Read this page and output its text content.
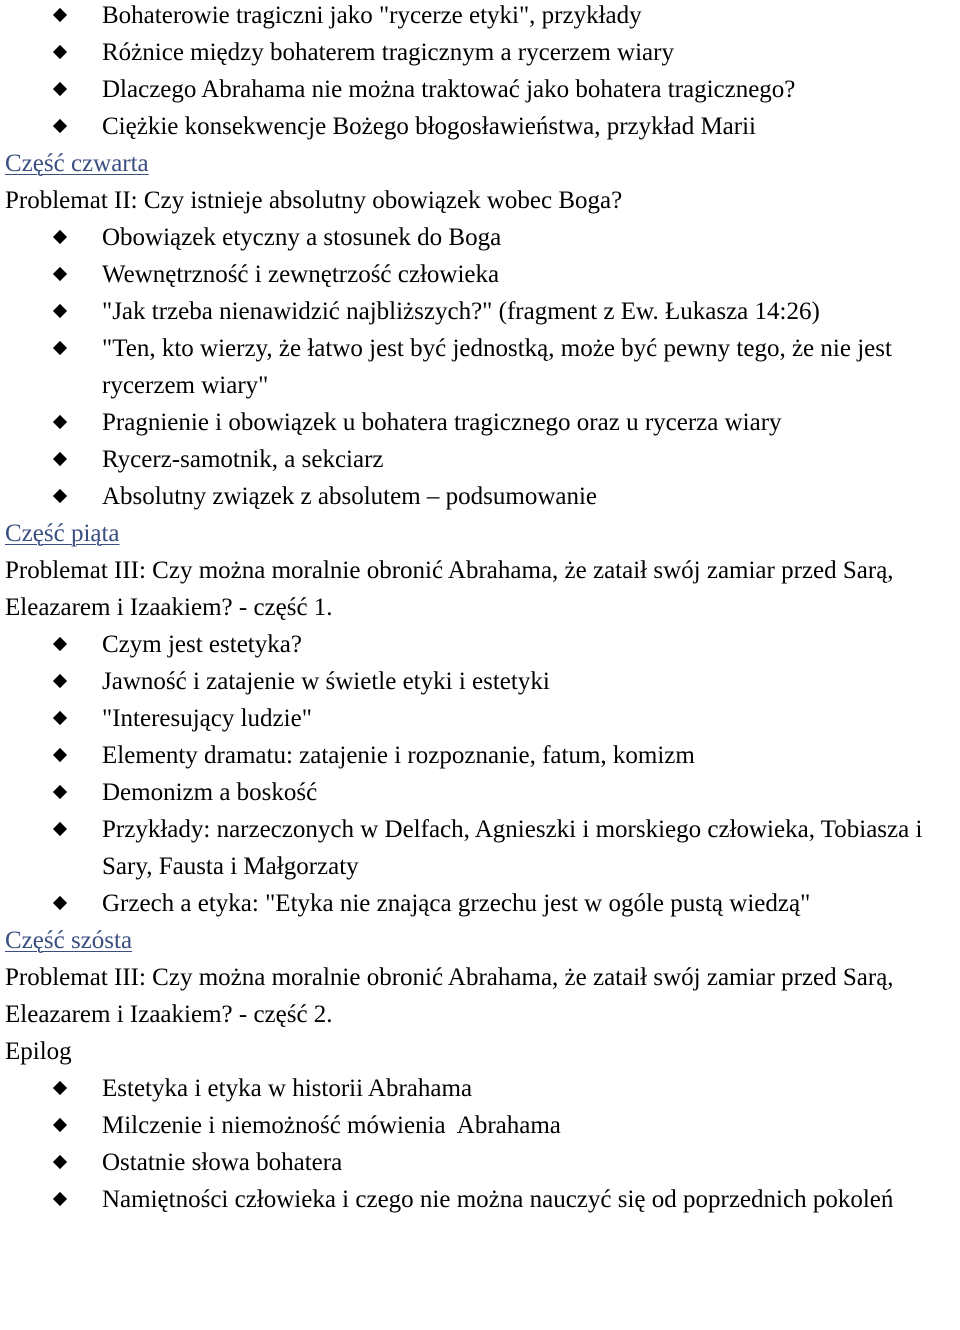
Bohaterowie tragiczni jako "rycerze etyki", przykłady
Różnice między bohaterem tragicznym a rycerzem wiary
Dlaczego Abrahama nie można traktować jako bohatera tragicznego?
Ciężkie konsekwencje Bożego błogosławieństwa, przykład Marii
Część czwarta

Problemat II: Czy istnieje absolutny obowiązek wobec Boga?

Obowiązek etyczny a stosunek do Boga
Wewnętrzność i zewnętrzość człowieka
"Jak trzeba nienawidzić najbliższych?" (fragment z Ew. Łukasza 14:26)
"Ten, kto wierzy, że łatwo jest być jednostką, może być pewny tego, że nie jest rycerzem wiary"
Pragnienie i obowiązek u bohatera tragicznego oraz u rycerza wiary
Rycerz-samotnik, a sekciarz
Absolutny związek z absolutem – podsumowanie
Część piąta

Problemat III: Czy można moralnie obronić Abrahama, że zataił swój zamiar przed Sarą, Eleazarem i Izaakiem? - część 1.

Czym jest estetyka?
Jawność i zatajenie w świetle etyki i estetyki
"Interesujący ludzie"
Elementy dramatu: zatajenie i rozpoznanie, fatum, komizm
Demonizm a boskość
Przykłady: narzeczonych w Delfach, Agnieszki i morskiego człowieka, Tobiasza i Sary, Fausta i Małgorzaty
Grzech a etyka: "Etyka nie znająca grzechu jest w ogóle pustą wiedzą"
Część szósta

Problemat III: Czy można moralnie obronić Abrahama, że zataił swój zamiar przed Sarą, Eleazarem i Izaakiem? - część 2.

Epilog
Estetyka i etyka w historii Abrahama
Milczenie i niemożność mówienia  Abrahama
Ostatnie słowa bohatera
Namiętności człowieka i czego nie można nauczyć się od poprzednich pokoleń
